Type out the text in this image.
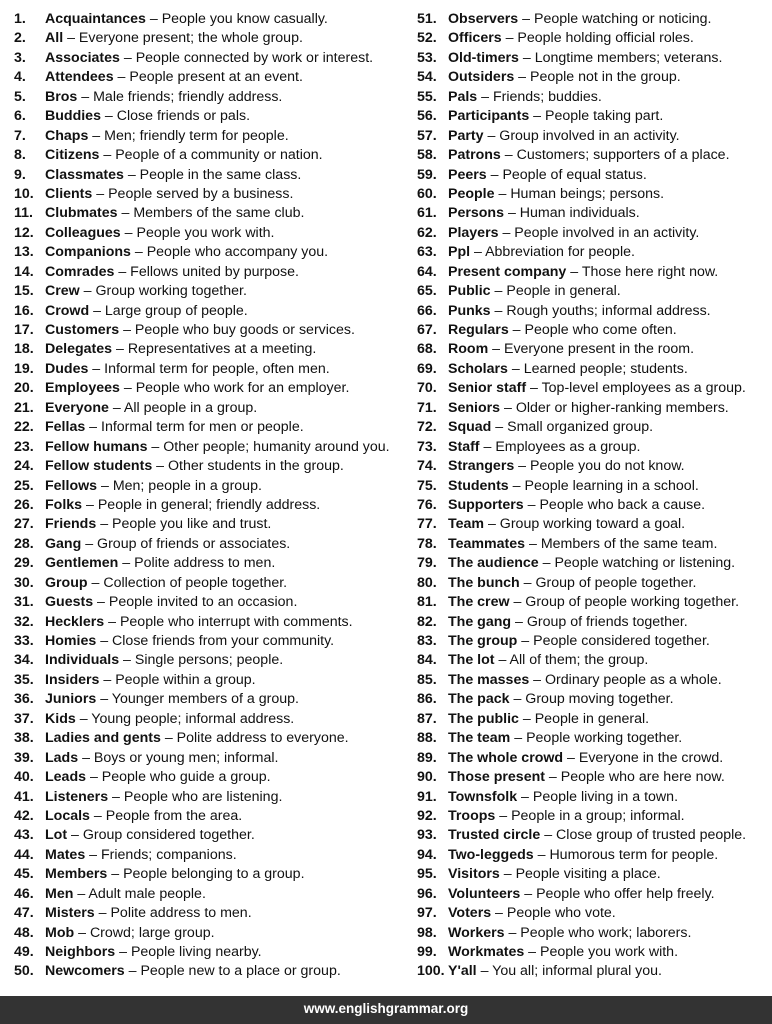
1.	Acquaintances – People you know casually.
2.	All – Everyone present; the whole group.
3.	Associates – People connected by work or interest.
4.	Attendees – People present at an event.
5.	Bros – Male friends; friendly address.
6.	Buddies – Close friends or pals.
7.	Chaps – Men; friendly term for people.
8.	Citizens – People of a community or nation.
9.	Classmates – People in the same class.
10. Clients – People served by a business.
11. Clubmates – Members of the same club.
12. Colleagues – People you work with.
13. Companions – People who accompany you.
14. Comrades – Fellows united by purpose.
15. Crew – Group working together.
16. Crowd – Large group of people.
17. Customers – People who buy goods or services.
18. Delegates – Representatives at a meeting.
19. Dudes – Informal term for people, often men.
20. Employees – People who work for an employer.
21. Everyone – All people in a group.
22. Fellas – Informal term for men or people.
23. Fellow humans – Other people; humanity around you.
24. Fellow students – Other students in the group.
25. Fellows – Men; people in a group.
26. Folks – People in general; friendly address.
27. Friends – People you like and trust.
28. Gang – Group of friends or associates.
29. Gentlemen – Polite address to men.
30. Group – Collection of people together.
31. Guests – People invited to an occasion.
32. Hecklers – People who interrupt with comments.
33. Homies – Close friends from your community.
34. Individuals – Single persons; people.
35. Insiders – People within a group.
36. Juniors – Younger members of a group.
37. Kids – Young people; informal address.
38. Ladies and gents – Polite address to everyone.
39. Lads – Boys or young men; informal.
40. Leads – People who guide a group.
41. Listeners – People who are listening.
42. Locals – People from the area.
43. Lot – Group considered together.
44. Mates – Friends; companions.
45. Members – People belonging to a group.
46. Men – Adult male people.
47. Misters – Polite address to men.
48. Mob – Crowd; large group.
49. Neighbors – People living nearby.
50. Newcomers – People new to a place or group.
51. Observers – People watching or noticing.
52. Officers – People holding official roles.
53. Old-timers – Longtime members; veterans.
54. Outsiders – People not in the group.
55. Pals – Friends; buddies.
56. Participants – People taking part.
57. Party – Group involved in an activity.
58. Patrons – Customers; supporters of a place.
59. Peers – People of equal status.
60. People – Human beings; persons.
61. Persons – Human individuals.
62. Players – People involved in an activity.
63. Ppl – Abbreviation for people.
64. Present company – Those here right now.
65. Public – People in general.
66. Punks – Rough youths; informal address.
67. Regulars – People who come often.
68. Room – Everyone present in the room.
69. Scholars – Learned people; students.
70. Senior staff – Top-level employees as a group.
71. Seniors – Older or higher-ranking members.
72. Squad – Small organized group.
73. Staff – Employees as a group.
74. Strangers – People you do not know.
75. Students – People learning in a school.
76. Supporters – People who back a cause.
77. Team – Group working toward a goal.
78. Teammates – Members of the same team.
79. The audience – People watching or listening.
80. The bunch – Group of people together.
81. The crew – Group of people working together.
82. The gang – Group of friends together.
83. The group – People considered together.
84. The lot – All of them; the group.
85. The masses – Ordinary people as a whole.
86. The pack – Group moving together.
87. The public – People in general.
88. The team – People working together.
89. The whole crowd – Everyone in the crowd.
90. Those present – People who are here now.
91. Townsfolk – People living in a town.
92. Troops – People in a group; informal.
93. Trusted circle – Close group of trusted people.
94. Two-leggeds – Humorous term for people.
95. Visitors – People visiting a place.
96. Volunteers – People who offer help freely.
97. Voters – People who vote.
98. Workers – People who work; laborers.
99. Workmates – People you work with.
100. Y'all – You all; informal plural you.
www.englishgrammar.org
